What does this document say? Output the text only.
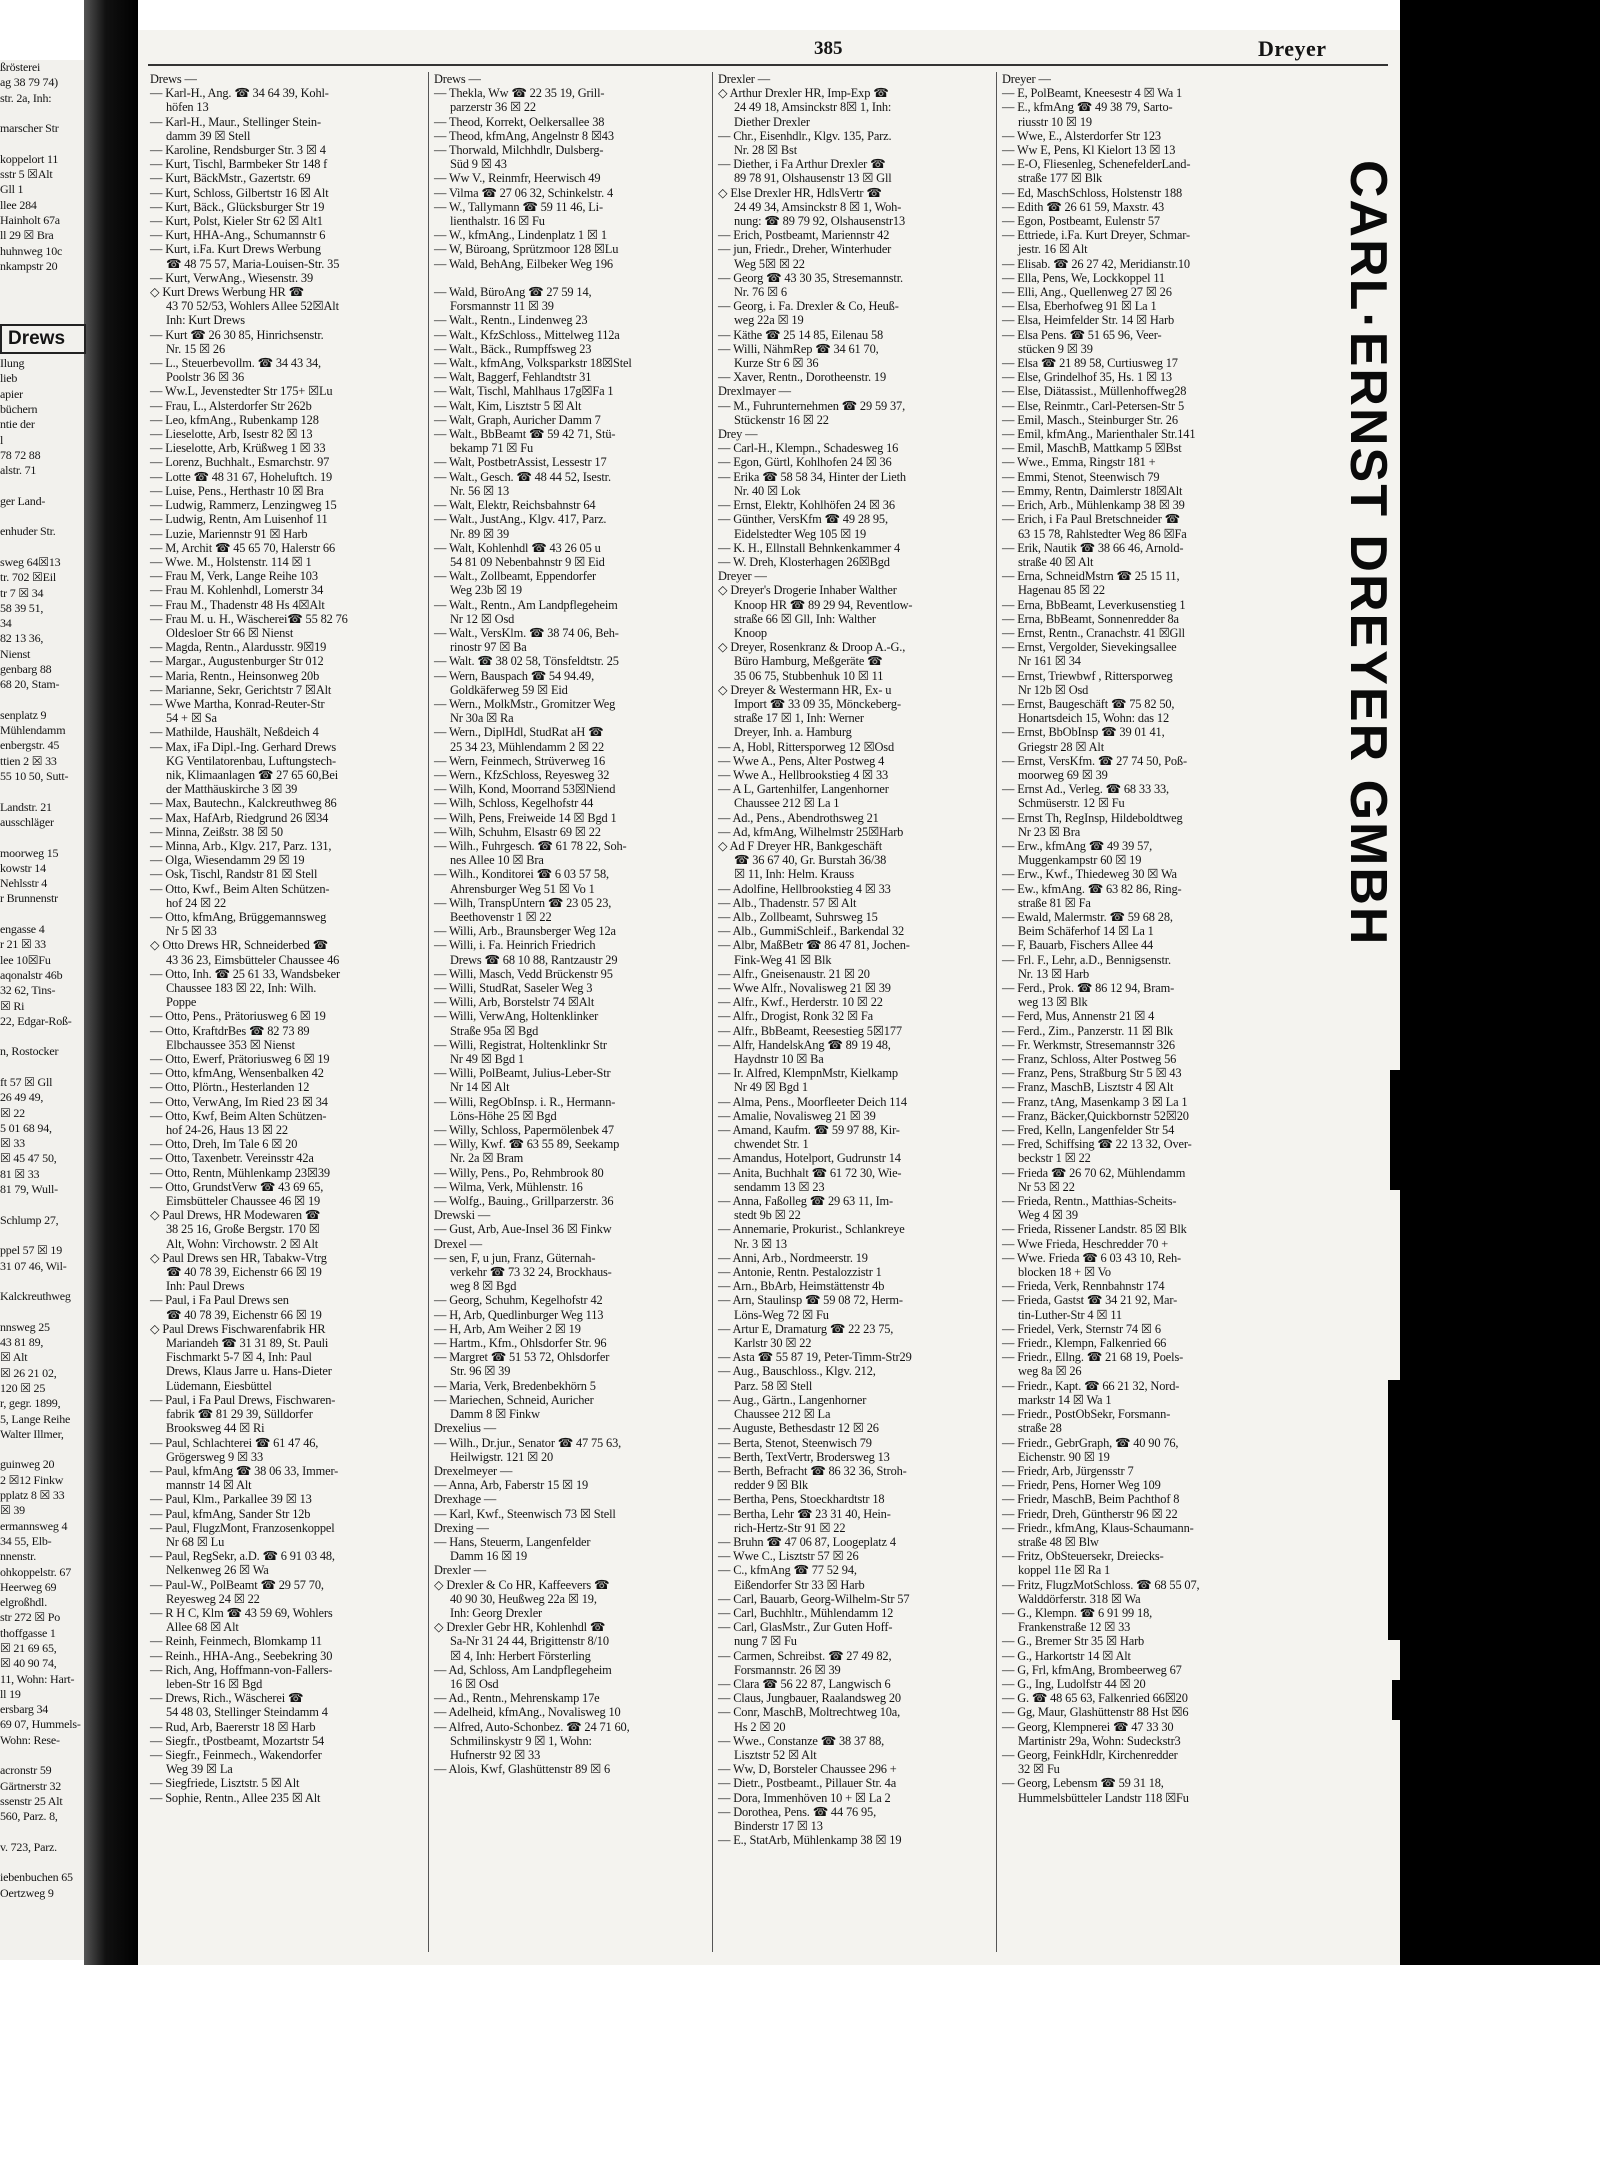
ßrösterei
ag 38 79 74)
str. 2a, Inh:

marscher Str

koppelort 11
sstr 5 ☒Alt
Gll 1
llee 284
Hainholt 67a
ll 29 ☒ Bra
huhnweg 10c
nkampstr 20

Drews
Ilung
lieb
apier
büchern
ntie der
l
78 72 88
alstr. 71

ger Land-

enhuder Str.

sweg 64☒13
tr. 702 ☒Eil
tr 7 ☒ 34
58 39 51,
34
82 13 36,
Nienst
genbarg 88
68 20, Stam-

senplatz 9
Mühlendamm
enbergstr. 45
ttien 2 ☒ 33
55 10 50, Sutt-

Landstr. 21
ausschläger

moorweg 15
kowstr 14
Nehlsstr 4
r Brunnenstr

engasse 4
r 21 ☒ 33
lee 10☒Fu
aqonalstr 46b
32 62, Tins-
☒ Ri
22, Edgar-Roß-

n, Rostocker

ft 57 ☒ Gll
26 49 49,
☒ 22
5 01 68 94,
☒ 33
☒ 45 47 50,
81 ☒ 33
81 79, Wull-

Schlump 27,

ppel 57 ☒ 19
31 07 46, Wil-

Kalckreuthweg

nnsweg 25
43 81 89,
☒ Alt
☒ 26 21 02,
120 ☒ 25
r, gegr. 1899,
5, Lange Reihe
Walter Illmer,

guinweg 20
2 ☒12 Finkw
pplatz 8 ☒ 33
☒ 39
ermannsweg 4
34 55, Elb-
nnenstr.
ohkoppelstr. 67
Heerweg 69
elgroßhdl.
str 272 ☒ Po
thoffgasse 1
☒ 21 69 65,
☒ 40 90 74,
11, Wohn: Hart-
ll 19
ersbarg 34
69 07, Hummels-
Wohn: Rese-

acronstr 59
Gärtnerstr 32
ssenstr 25 Alt
560, Parz. 8,

v. 723, Parz.

iebenbuchen 65
Oertzweg 9
385	Dreyer
Drews —
— Karl-H., Ang. ☎ 34 64 39, Kohl-
höfen 13
— Karl-H., Maur., Stellinger Stein-
damm 39 ☒ Stell
— Karoline, Rendsburger Str. 3 ☒ 4
— Kurt, Tischl, Barmbeker Str 148 f
— Kurt, BäckMstr., Gazertstr. 69
— Kurt, Schloss, Gilbertstr 16 ☒ Alt
— Kurt, Bäck., Glücksburger Str 19
— Kurt, Polst, Kieler Str 62 ☒ Alt1
— Kurt, HHA-Ang., Schumannstr 6
— Kurt, i.Fa. Kurt Drews Werbung
☎ 48 75 57, Maria-Louisen-Str. 35
— Kurt, VerwAng., Wiesenstr. 39
◇ Kurt Drews Werbung HR ☎
43 70 52/53, Wohlers Allee 52☒Alt
Inh: Kurt Drews
— Kurt ☎ 26 30 85, Hinrichsenstr.
Nr. 15 ☒ 26
— L., Steuerbevollm. ☎ 34 43 34,
Poolstr 36 ☒ 36
— Ww.L, Jevenstedter Str 175+ ☒Lu
— Frau, L., Alsterdorfer Str 262b
— Leo, kfmAng., Rubenkamp 128
— Lieselotte, Arb, Isestr 82 ☒ 13
— Lieselotte, Arb, Krüßweg 1 ☒ 33
— Lorenz, Buchhalt., Esmarchstr. 97
— Lotte ☎ 48 31 67, Hoheluftch. 19
— Luise, Pens., Herthastr 10 ☒ Bra
— Ludwig, Rammerz, Lenzingweg 15
— Ludwig, Rentn, Am Luisenhof 11
— Luzie, Mariennstr 91 ☒ Harb
— M, Archit ☎ 45 65 70, Halerstr 66
— Wwe. M., Holstenstr. 114 ☒ 1
— Frau M, Verk, Lange Reihe 103
— Frau M. Kohlenhdl, Lomerstr 34
— Frau M., Thadenstr 48 Hs 4☒Alt
— Frau M. u. H., Wäscherei☎ 55 82 76
Oldesloer Str 66 ☒ Nienst
— Magda, Rentn., Alardusstr. 9☒19
— Margar., Augustenburger Str 012
— Maria, Rentn., Heinsonweg 20b
— Marianne, Sekr, Gerichtstr 7 ☒Alt
— Wwe Martha, Konrad-Reuter-Str
54 + ☒ Sa
— Mathilde, Haushält, Neßdeich 4
— Max, iFa Dipl.-Ing. Gerhard Drews
KG Ventilatorenbau, Luftungstech-
nik, Klimaanlagen ☎ 27 65 60,Bei
der Matthäuskirche 3 ☒ 39
— Max, Bautechn., Kalckreuthweg 86
— Max, HafArb, Riedgrund 26 ☒34
— Minna, Zeißstr. 38 ☒ 50
— Minna, Arb., Klgv. 217, Parz. 131,
— Olga, Wiesendamm 29 ☒ 19
— Osk, Tischl, Randstr 81 ☒ Stell
— Otto, Kwf., Beim Alten Schützen-
hof 24 ☒ 22
— Otto, kfmAng, Brüggemannsweg
Nr 5 ☒ 33
◇ Otto Drews HR, Schneiderbed ☎
43 36 23, Eimsbütteler Chaussee 46
— Otto, Inh. ☎ 25 61 33, Wandsbeker
Chaussee 183 ☒ 22, Inh: Wilh.
Poppe
— Otto, Pens., Prätoriusweg 6 ☒ 19
— Otto, KraftdrBes ☎ 82 73 89
Elbchaussee 353 ☒ Nienst
— Otto, Ewerf, Prätoriusweg 6 ☒ 19
— Otto, kfmAng, Wensenbalken 42
— Otto, Plörtn., Hesterlanden 12
— Otto, VerwAng, Im Ried 23 ☒ 34
— Otto, Kwf, Beim Alten Schützen-
hof 24-26, Haus 13 ☒ 22
— Otto, Dreh, Im Tale 6 ☒ 20
— Otto, Taxenbetr. Vereinsstr 42a
— Otto, Rentn, Mühlenkamp 23☒39
— Otto, GrundstVerw ☎ 43 69 65,
Eimsbütteler Chaussee 46 ☒ 19
◇ Paul Drews, HR Modewaren ☎
38 25 16, Große Bergstr. 170 ☒
Alt, Wohn: Virchowstr. 2 ☒ Alt
◇ Paul Drews sen HR, Tabakw-Vtrg
☎ 40 78 39, Eichenstr 66 ☒ 19
Inh: Paul Drews
— Paul, i Fa Paul Drews sen
☎ 40 78 39, Eichenstr 66 ☒ 19
◇ Paul Drews Fischwarenfabrik HR
Mariandeh ☎ 31 31 89, St. Pauli
Fischmarkt 5-7 ☒ 4, Inh: Paul
Drews, Klaus Jarre u. Hans-Dieter
Lüdemann, Eiesbüttel
— Paul, i Fa Paul Drews, Fischwaren-
fabrik ☎ 81 29 39, Sülldorfer
Brooksweg 44 ☒ Ri
— Paul, Schlachterei ☎ 61 47 46,
Grögersweg 9 ☒ 33
— Paul, kfmAng ☎ 38 06 33, Immer-
mannstr 14 ☒ Alt
— Paul, Klm., Parkallee 39 ☒ 13
— Paul, kfmAng, Sander Str 12b
— Paul, FlugzMont, Franzosenkoppel
Nr 68 ☒ Lu
— Paul, RegSekr, a.D. ☎ 6 91 03 48,
Nelkenweg 26 ☒ Wa
— Paul-W., PolBeamt ☎ 29 57 70,
Reyesweg 24 ☒ 22
— R H C, Klm ☎ 43 59 69, Wohlers
Allee 68 ☒ Alt
— Reinh, Feinmech, Blomkamp 11
— Reinh., HHA-Ang., Seebekring 30
— Rich, Ang, Hoffmann-von-Fallers-
leben-Str 16 ☒ Bgd
— Drews, Rich., Wäscherei ☎
54 48 03, Stellinger Steindamm 4
— Rud, Arb, Baererstr 18 ☒ Harb
— Siegfr., tPostbeamt, Mozartstr 54
— Siegfr., Feinmech., Wakendorfer
Weg 39 ☒ La
— Siegfriede, Lisztstr. 5 ☒ Alt
— Sophie, Rentn., Allee 235 ☒ Alt
Drews —
— Thekla, Ww ☎ 22 35 19, Grill-
parzerstr 36 ☒ 22
— Theod, Korrekt, Oelkersallee 38
— Theod, kfmAng, Angelnstr 8 ☒43
— Thorwald, Milchhdlr, Dulsberg-
Süd 9 ☒ 43
— Ww V., Reinmfr, Heerwisch 49
— Vilma ☎ 27 06 32, Schinkelstr. 4
— W., Tallymann ☎ 59 11 46, Li-
lienthalstr. 16 ☒ Fu
— W., kfmAng., Lindenplatz 1 ☒ 1
— W, Büroang, Sprützmoor 128 ☒Lu
— Wald, BehAng, Eilbeker Weg 196

— Wald, BüroAng ☎ 27 59 14,
Forsmannstr 11 ☒ 39
— Walt., Rentn., Lindenweg 23
— Walt., KfzSchloss., Mittelweg 112a
— Walt., Bäck., Rumpffsweg 23
— Walt., kfmAng, Volksparkstr 18☒Stel
— Walt, Baggerf, Fehlandtstr 31
— Walt, Tischl, Mahlhaus 17g☒Fa 1
— Walt, Kim, Lisztstr 5 ☒ Alt
— Walt, Graph, Auricher Damm 7
— Walt., BbBeamt ☎ 59 42 71, Stü-
bekamp 71 ☒ Fu
— Walt, PostbetrAssist, Lessestr 17
— Walt., Gesch. ☎ 48 44 52, Isestr.
Nr. 56 ☒ 13
— Walt, Elektr, Reichsbahnstr 64
— Walt., JustAng., Klgv. 417, Parz.
Nr. 89 ☒ 39
— Walt, Kohlenhdl ☎ 43 26 05 u
54 81 09 Nebenbahnstr 9 ☒ Eid
— Walt., Zollbeamt, Eppendorfer
Weg 23b ☒ 19
— Walt., Rentn., Am Landpflegeheim
Nr 12 ☒ Osd
— Walt., VersKlm. ☎ 38 74 06, Beh-
rinostr 97 ☒ Ba
— Walt. ☎ 38 02 58, Tönsfeldtstr. 25
— Wern, Bauspach ☎ 54 94.49,
Goldkäferweg 59 ☒ Eid
— Wern., MolkMstr., Gromitzer Weg
Nr 30a ☒ Ra
— Wern., DiplHdl, StudRat aH ☎
25 34 23, Mühlendamm 2 ☒ 22
— Wern, Feinmech, Strüverweg 16
— Wern., KfzSchloss, Reyesweg 32
— Wilh, Kond, Moorrand 53☒Niend
— Wilh, Schloss, Kegelhofstr 44
— Wilh, Pens, Freiweide 14 ☒ Bgd 1
— Wilh, Schuhm, Elsastr 69 ☒ 22
— Wilh., Fuhrgesch. ☎ 61 78 22, Soh-
nes Allee 10 ☒ Bra
— Wilh., Konditorei ☎ 6 03 57 58,
Ahrensburger Weg 51 ☒ Vo 1
— Wilh, TranspUntern ☎ 23 05 23,
Beethovenstr 1 ☒ 22
— Willi, Arb., Braunsberger Weg 12a
— Willi, i. Fa. Heinrich Friedrich
Drews ☎ 68 10 88, Rantzaustr 29
— Willi, Masch, Vedd Brückenstr 95
— Willi, StudRat, Saseler Weg 3
— Willi, Arb, Borstelstr 74 ☒Alt
— Willi, VerwAng, Holtenklinker
Straße 95a ☒ Bgd
— Willi, Registrat, Holtenklinkr Str
Nr 49 ☒ Bgd 1
— Willi, PolBeamt, Julius-Leber-Str
Nr 14 ☒ Alt
— Willi, RegObInsp. i. R., Hermann-
Löns-Höhe 25 ☒ Bgd
— Willy, Schloss, Papermölenbek 47
— Willy, Kwf. ☎ 63 55 89, Seekamp
Nr. 2a ☒ Bram
— Willy, Pens., Po, Rehmbrook 80
— Wilma, Verk, Mühlenstr. 16
— Wolfg., Bauing., Grillparzerstr. 36
Drewski —
— Gust, Arb, Aue-Insel 36 ☒ Finkw
Drexel —
— sen, F, u jun, Franz, Güternah-
verkehr ☎ 73 32 24, Brockhaus-
weg 8 ☒ Bgd
— Georg, Schuhm, Kegelhofstr 42
— H, Arb, Quedlinburger Weg 113
— H, Arb, Am Weiher 2 ☒ 19
— Hartm., Kfm., Ohlsdorfer Str. 96
— Margret ☎ 51 53 72, Ohlsdorfer
Str. 96 ☒ 39
— Maria, Verk, Bredenbekhörn 5
— Mariechen, Schneid, Auricher
Damm 8 ☒ Finkw
Drexelius —
— Wilh., Dr.jur., Senator ☎ 47 75 63,
Heilwigstr. 121 ☒ 20
Drexelmeyer —
— Anna, Arb, Faberstr 15 ☒ 19
Drexhage —
— Karl, Kwf., Steenwisch 73 ☒ Stell
Drexing —
— Hans, Steuerm, Langenfelder
Damm 16 ☒ 19
Drexler —
◇ Drexler & Co HR, Kaffeevers ☎
40 90 30, Heußweg 22a ☒ 19,
Inh: Georg Drexler
◇ Drexler Gebr HR, Kohlenhdl ☎
Sa-Nr 31 24 44, Brigittenstr 8/10
☒ 4, Inh: Herbert Försterling
— Ad, Schloss, Am Landpflegeheim
16 ☒ Osd
— Ad., Rentn., Mehrenskamp 17e
— Adelheid, kfmAng., Novalisweg 10
— Alfred, Auto-Schonbez. ☎ 24 71 60,
Schmilinskystr 9 ☒ 1, Wohn:
Hufnerstr 92 ☒ 33
— Alois, Kwf, Glashüttenstr 89 ☒ 6
Drexler —
◇ Arthur Drexler HR, Imp-Exp ☎
24 49 18, Amsinckstr 8☒ 1, Inh:
Diether Drexler
— Chr., Eisenhdlr., Klgv. 135, Parz.
Nr. 28 ☒ Bst
— Diether, i Fa Arthur Drexler ☎
89 78 91, Olshausenstr 13 ☒ Gll
◇ Else Drexler HR, HdlsVertr ☎
24 49 34, Amsinckstr 8 ☒ 1, Woh-
nung: ☎ 89 79 92, Olshausenstr13
— Erich, Postbeamt, Mariennstr 42
— jun, Friedr., Dreher, Winterhuder
Weg 5☒ ☒ 22
— Georg ☎ 43 30 35, Stresemannstr.
Nr. 76 ☒ 6
— Georg, i. Fa. Drexler & Co, Heuß-
weg 22a ☒ 19
— Käthe ☎ 25 14 85, Eilenau 58
— Willi, NähmRep ☎ 34 61 70,
Kurze Str 6 ☒ 36
— Xaver, Rentn., Dorotheenstr. 19
Drexlmayer —
— M., Fuhrunternehmen ☎ 29 59 37,
Stückenstr 16 ☒ 22
Drey —
— Carl-H., Klempn., Schadesweg 16
— Egon, Gürtl, Kohlhofen 24 ☒ 36
— Erika ☎ 58 58 34, Hinter der Lieth
Nr. 40 ☒ Lok
— Ernst, Elektr, Kohlhöfen 24 ☒ 36
— Günther, VersKfm ☎ 49 28 95,
Eidelstedter Weg 105 ☒ 19
— K. H., Ellnstall Behnkenkammer 4
— W. Dreh, Klosterhagen 26☒Bgd
Dreyer —
◇ Dreyer's Drogerie Inhaber Walther
Knoop HR ☎ 89 29 94, Reventlow-
straße 66 ☒ Gll, Inh: Walther
Knoop
◇ Dreyer, Rosenkranz & Droop A.-G.,
Büro Hamburg, Meßgeräte ☎
35 06 75, Stubbenhuk 10 ☒ 11
◇ Dreyer & Westermann HR, Ex- u
Import ☎ 33 09 35, Mönckeberg-
straße 17 ☒ 1, Inh: Werner
Dreyer, Inh. a. Hamburg
— A, Hobl, Rittersporweg 12 ☒Osd
— Wwe A., Pens, Alter Postweg 4
— Wwe A., Hellbrookstieg 4 ☒ 33
— A L, Gartenhilfer, Langenhorner
Chaussee 212 ☒ La 1
— Ad., Pens., Abendrothsweg 21
— Ad, kfmAng, Wilhelmstr 25☒Harb
◇ Ad F Dreyer HR, Bankgeschäft
☎ 36 67 40, Gr. Burstah 36/38
☒ 11, Inh: Helm. Krauss
— Adolfine, Hellbrookstieg 4 ☒ 33
— Alb., Thadenstr. 57 ☒ Alt
— Alb., Zollbeamt, Suhrsweg 15
— Alb., GummiSchleif., Barkendal 32
— Albr, MaßBetr ☎ 86 47 81, Jochen-
Fink-Weg 41 ☒ Blk
— Alfr., Gneisenaustr. 21 ☒ 20
— Wwe Alfr., Novalisweg 21 ☒ 39
— Alfr., Kwf., Herderstr. 10 ☒ 22
— Alfr., Drogist, Ronk 32 ☒ Fa
— Alfr., BbBeamt, Reesestieg 5☒177
— Alfr, HandelskAng ☎ 89 19 48,
Haydnstr 10 ☒ Ba
— Ir. Alfred, KlempnMstr, Kielkamp
Nr 49 ☒ Bgd 1
— Alma, Pens., Moorfleeter Deich 114
— Amalie, Novalisweg 21 ☒ 39
— Amand, Kaufm. ☎ 59 97 88, Kir-
chwendet Str. 1
— Amandus, Hotelport, Gudrunstr 14
— Anita, Buchhalt ☎ 61 72 30, Wie-
sendamm 13 ☒ 23
— Anna, Faßolleg ☎ 29 63 11, Im-
stedt 9b ☒ 22
— Annemarie, Prokurist., Schlankreye
Nr. 3 ☒ 13
— Anni, Arb., Nordmeerstr. 19
— Antonie, Rentn. Pestalozzistr 1
— Arn., BbArb, Heimstättenstr 4b
— Arn, Staulinsp ☎ 59 08 72, Herm-
Löns-Weg 72 ☒ Fu
— Artur E, Dramaturg ☎ 22 23 75,
Karlstr 30 ☒ 22
— Asta ☎ 55 87 19, Peter-Timm-Str29
— Aug., Bauschloss., Klgv. 212,
Parz. 58 ☒ Stell
— Aug., Gärtn., Langenhorner
Chaussee 212 ☒ La
— Auguste, Bethesdastr 12 ☒ 26
— Berta, Stenot, Steenwisch 79
— Berth, TextVertr, Brodersweg 13
— Berth, Befracht ☎ 86 32 36, Stroh-
redder 9 ☒ Blk
— Bertha, Pens, Stoeckhardtstr 18
— Bertha, Lehr ☎ 23 31 40, Hein-
rich-Hertz-Str 91 ☒ 22
— Bruhn ☎ 47 06 87, Loogeplatz 4
— Wwe C., Lisztstr 57 ☒ 26
— C., kfmAng ☎ 77 52 94,
Eißendorfer Str 33 ☒ Harb
— Carl, Bauarb, Georg-Wilhelm-Str 57
— Carl, Buchhltr., Mühlendamm 12
— Carl, GlasMstr., Zur Guten Hoff-
nung 7 ☒ Fu
— Carmen, Schreibst. ☎ 27 49 82,
Forsmannstr. 26 ☒ 39
— Clara ☎ 56 22 87, Langwisch 6
— Claus, Jungbauer, Raalandsweg 20
— Conr, MaschB, Moltrechtweg 10a,
Hs 2 ☒ 20
— Wwe., Constanze ☎ 38 37 88,
Lisztstr 52 ☒ Alt
— Ww, D, Borsteler Chaussee 296 +
— Dietr., Postbeamt., Pillauer Str. 4a
— Dora, Immenhöven 10 + ☒ La 2
— Dorothea, Pens. ☎ 44 76 95,
Binderstr 17 ☒ 13
— E., StatArb, Mühlenkamp 38 ☒ 19
Dreyer —
— E, PolBeamt, Kneesestr 4 ☒ Wa 1
— E., kfmAng ☎ 49 38 79, Sarto-
riusstr 10 ☒ 19
— Wwe, E., Alsterdorfer Str 123
— Ww E, Pens, Kl Kielort 13 ☒ 13
— E-O, Fliesenleg, SchenefelderLand-
straße 177 ☒ Blk
— Ed, MaschSchloss, Holstenstr 188
— Edith ☎ 26 61 59, Maxstr. 43
— Egon, Postbeamt, Eulenstr 57
— Ettriede, i.Fa. Kurt Dreyer, Schmar-
jestr. 16 ☒ Alt
— Elisab. ☎ 26 27 42, Meridianstr.10
— Ella, Pens, We, Lockkoppel 11
— Elli, Ang., Quellenweg 27 ☒ 26
— Elsa, Eberhofweg 91 ☒ La 1
— Elsa, Heimfelder Str. 14 ☒ Harb
— Elsa Pens. ☎ 51 65 96, Veer-
stücken 9 ☒ 39
— Elsa ☎ 21 89 58, Curtiusweg 17
— Else, Grindelhof 35, Hs. 1 ☒ 13
— Else, Diätassist., Müllenhoffweg28
— Else, Reinmtr., Carl-Petersen-Str 5
— Emil, Masch., Steinburger Str. 26
— Emil, kfmAng., Marienthaler Str.141
— Emil, MaschB, Mattkamp 5 ☒Bst
— Wwe., Emma, Ringstr 181 +
— Emmi, Stenot, Steenwisch 79
— Emmy, Rentn, Daimlerstr 18☒Alt
— Erich, Arb., Mühlenkamp 38 ☒ 39
— Erich, i Fa Paul Bretschneider ☎
63 15 78, Rahlstedter Weg 86 ☒Fa
— Erik, Nautik ☎ 38 66 46, Arnold-
straße 40 ☒ Alt
— Erna, SchneidMstrn ☎ 25 15 11,
Hagenau 85 ☒ 22
— Erna, BbBeamt, Leverkusenstieg 1
— Erna, BbBeamt, Sonnenredder 8a
— Ernst, Rentn., Cranachstr. 41 ☒Gll
— Ernst, Vergolder, Sievekingsallee
Nr 161 ☒ 34
— Ernst, Triewbwf , Rittersporweg
Nr 12b ☒ Osd
— Ernst, Baugeschäft ☎ 75 82 50,
Honartsdeich 15, Wohn: das 12
— Ernst, BbObInsp ☎ 39 01 41,
Griegstr 28 ☒ Alt
— Ernst, VersKfm. ☎ 27 74 50, Poß-
moorweg 69 ☒ 39
— Ernst Ad., Verleg. ☎ 68 33 33,
Schmüserstr. 12 ☒ Fu
— Ernst Th, RegInsp, Hildeboldtweg
Nr 23 ☒ Bra
— Erw., kfmAng ☎ 49 39 57,
Muggenkampstr 60 ☒ 19
— Erw., Kwf., Thiedeweg 30 ☒ Wa
— Ew., kfmAng. ☎ 63 82 86, Ring-
straße 81 ☒ Fa
— Ewald, Malermstr. ☎ 59 68 28,
Beim Schäferhof 14 ☒ La 1
— F, Bauarb, Fischers Allee 44
— Frl. F., Lehr, a.D., Bennigsenstr.
Nr. 13 ☒ Harb
— Ferd., Prok. ☎ 86 12 94, Bram-
weg 13 ☒ Blk
— Ferd, Mus, Annenstr 21 ☒ 4
— Ferd., Zim., Panzerstr. 11 ☒ Blk
— Fr. Werkmstr, Stresemannstr 326
— Franz, Schloss, Alter Postweg 56
— Franz, Pens, Straßburg Str 5 ☒ 43
— Franz, MaschB, Lisztstr 4 ☒ Alt
— Franz, tAng, Masenkamp 3 ☒ La 1
— Franz, Bäcker,Quickbornstr 52☒20
— Fred, Kelln, Langenfelder Str 54
— Fred, Schiffsing ☎ 22 13 32, Over-
beckstr 1 ☒ 22
— Frieda ☎ 26 70 62, Mühlendamm
Nr 53 ☒ 22
— Frieda, Rentn., Matthias-Scheits-
Weg 4 ☒ 39
— Frieda, Rissener Landstr. 85 ☒ Blk
— Wwe Frieda, Heschredder 70 +
— Wwe. Frieda ☎ 6 03 43 10, Reh-
blocken 18 + ☒ Vo
— Frieda, Verk, Rennbahnstr 174
— Frieda, Gastst ☎ 34 21 92, Mar-
tin-Luther-Str 4 ☒ 11
— Friedel, Verk, Sternstr 74 ☒ 6
— Friedr., Klempn, Falkenried 66
— Friedr., Ellng. ☎ 21 68 19, Poels-
weg 8a ☒ 26
— Friedr., Kapt. ☎ 66 21 32, Nord-
markstr 14 ☒ Wa 1
— Friedr., PostObSekr, Forsmann-
straße 28
— Friedr., GebrGraph, ☎ 40 90 76,
Eichenstr. 90 ☒ 19
— Friedr, Arb, Jürgensstr 7
— Friedr, Pens, Horner Weg 109
— Friedr, MaschB, Beim Pachthof 8
— Friedr, Dreh, Güntherstr 96 ☒ 22
— Friedr., kfmAng, Klaus-Schaumann-
straße 48 ☒ Blw
— Fritz, ObSteuersekr, Dreiecks-
koppel 11e ☒ Ra 1
— Fritz, FlugzMotSchloss. ☎ 68 55 07,
Walddörferstr. 318 ☒ Wa
— G., Klempn. ☎ 6 91 99 18,
Frankenstraße 12 ☒ 33
— G., Bremer Str 35 ☒ Harb
— G., Harkortstr 14 ☒ Alt
— G, Frl, kfmAng, Brombeerweg 67
— G., Ing, Ludolfstr 44 ☒ 20
— G. ☎ 48 65 63, Falkenried 66☒20
— Gg, Maur, Glashüttenstr 88 Hst ☒6
— Georg, Klempnerei ☎ 47 33 30
Martinistr 29a, Wohn: Sudeckstr3
— Georg, FeinkHdlr, Kirchenredder
32 ☒ Fu
— Georg, Lebensm ☎ 59 31 18,
Hummelsbütteler Landstr 118 ☒Fu
CARL·ERNST DREYER GMBH
